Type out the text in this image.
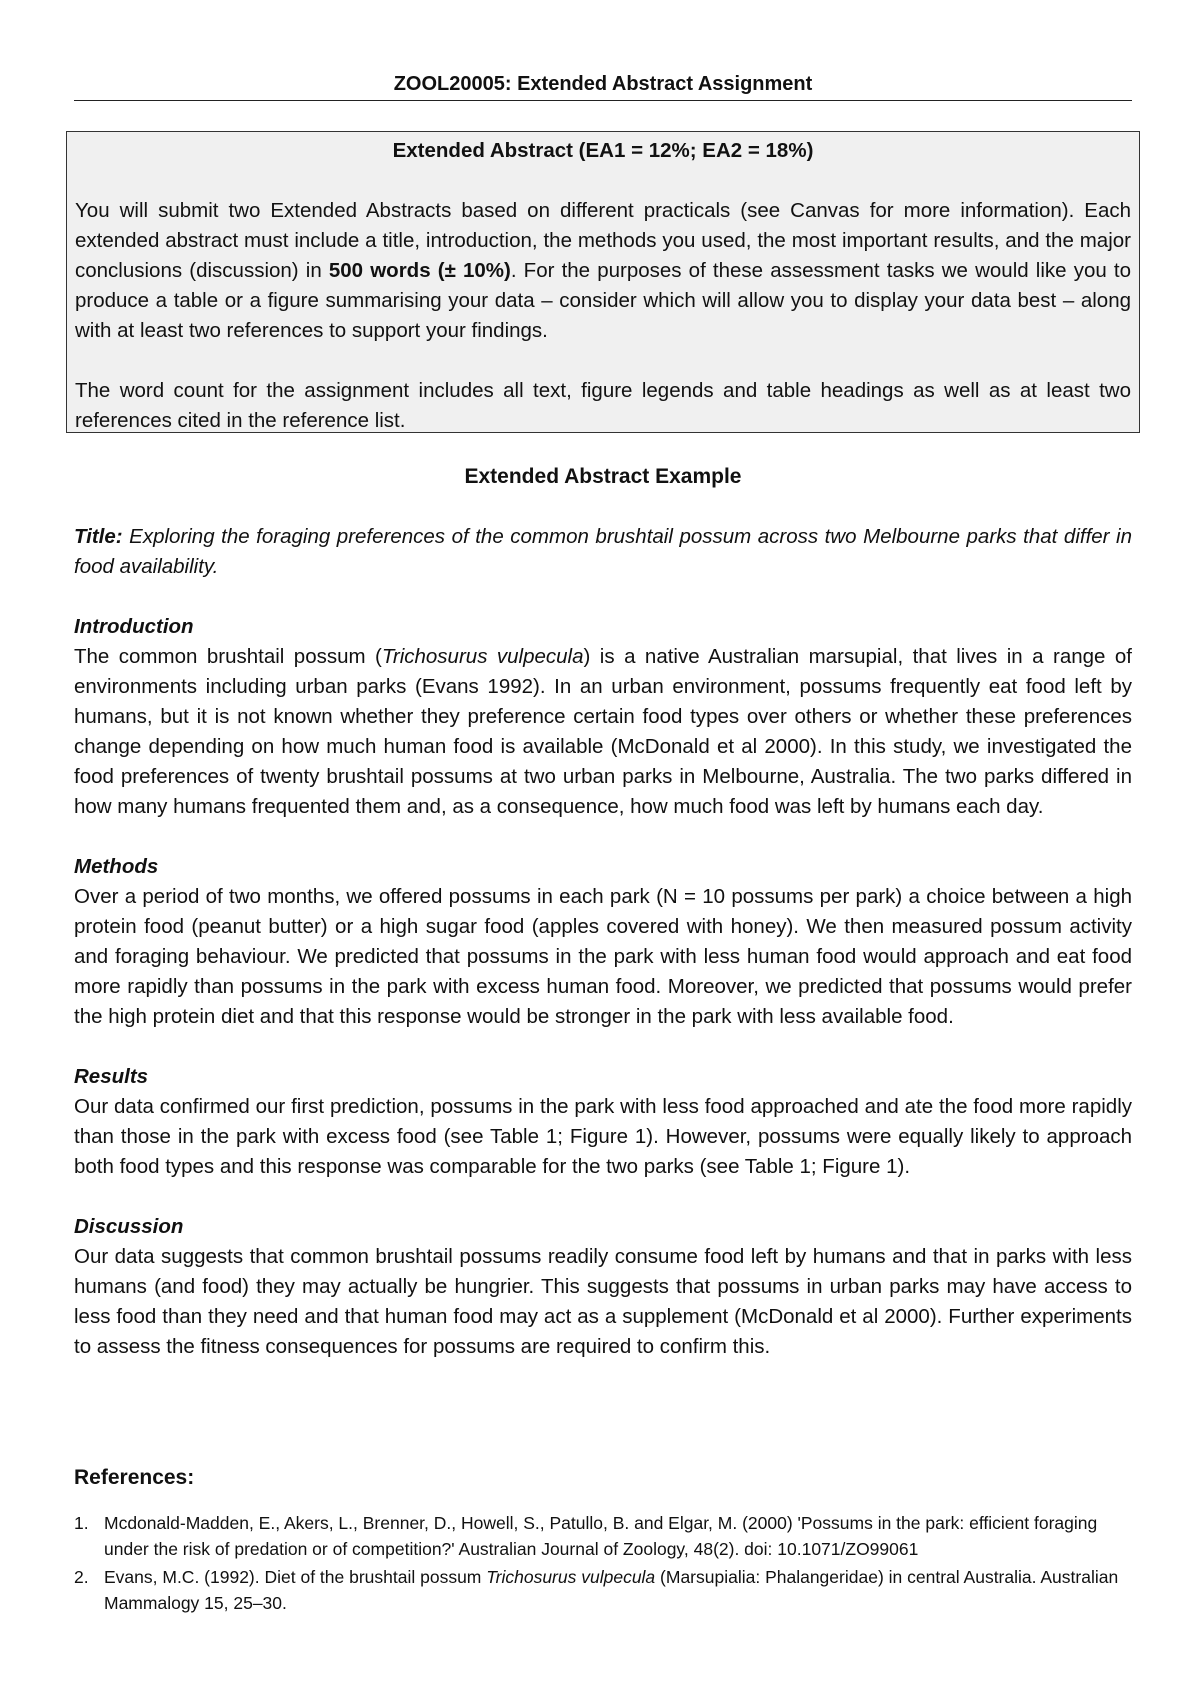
ZOOL20005: Extended Abstract Assignment
Extended Abstract (EA1 = 12%; EA2 = 18%)

You will submit two Extended Abstracts based on different practicals (see Canvas for more information). Each extended abstract must include a title, introduction, the methods you used, the most important results, and the major conclusions (discussion) in 500 words (± 10%). For the purposes of these assessment tasks we would like you to produce a table or a figure summarising your data – consider which will allow you to display your data best – along with at least two references to support your findings.

The word count for the assignment includes all text, figure legends and table headings as well as at least two references cited in the reference list.

Extended Abstract Example

Title: Exploring the foraging preferences of the common brushtail possum across two Melbourne parks that differ in food availability.

Introduction

The common brushtail possum (Trichosurus vulpecula) is a native Australian marsupial, that lives in a range of environments including urban parks (Evans 1992). In an urban environment, possums frequently eat food left by humans, but it is not known whether they preference certain food types over others or whether these preferences change depending on how much human food is available (McDonald et al 2000). In this study, we investigated the food preferences of twenty brushtail possums at two urban parks in Melbourne, Australia. The two parks differed in how many humans frequented them and, as a consequence, how much food was left by humans each day.

Methods

Over a period of two months, we offered possums in each park (N = 10 possums per park) a choice between a high protein food (peanut butter) or a high sugar food (apples covered with honey). We then measured possum activity and foraging behaviour. We predicted that possums in the park with less human food would approach and eat food more rapidly than possums in the park with excess human food. Moreover, we predicted that possums would prefer the high protein diet and that this response would be stronger in the park with less available food.

Results

Our data confirmed our first prediction, possums in the park with less food approached and ate the food more rapidly than those in the park with excess food (see Table 1; Figure 1). However, possums were equally likely to approach both food types and this response was comparable for the two parks (see Table 1; Figure 1).

Discussion

Our data suggests that common brushtail possums readily consume food left by humans and that in parks with less humans (and food) they may actually be hungrier. This suggests that possums in urban parks may have access to less food than they need and that human food may act as a supplement (McDonald et al 2000). Further experiments to assess the fitness consequences for possums are required to confirm this.

References:
1. Mcdonald-Madden, E., Akers, L., Brenner, D., Howell, S., Patullo, B. and Elgar, M. (2000) 'Possums in the park: efficient foraging under the risk of predation or of competition?' Australian Journal of Zoology, 48(2). doi: 10.1071/ZO99061
2. Evans, M.C. (1992). Diet of the brushtail possum Trichosurus vulpecula (Marsupialia: Phalangeridae) in central Australia. Australian Mammalogy 15, 25–30.
